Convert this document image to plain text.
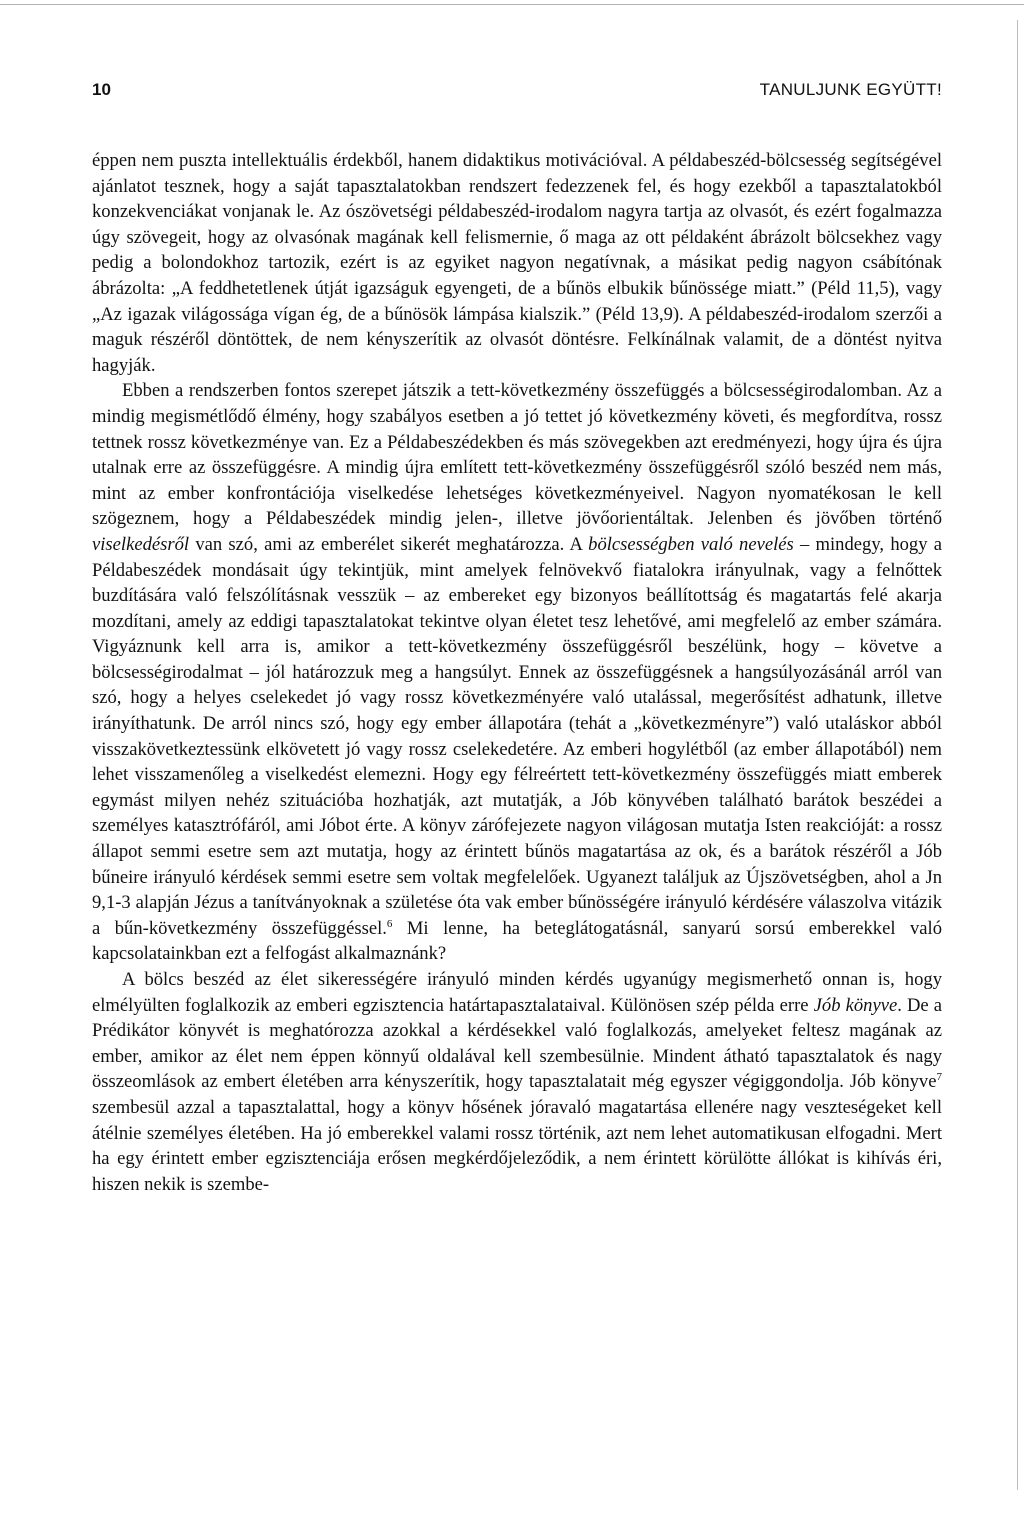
10	TANULJUNK EGYÜTT!

éppen nem puszta intellektuális érdekből, hanem didaktikus motivációval. A példabeszéd-bölcsesség segítségével ajánlatot tesznek, hogy a saját tapasztalatokban rendszert fedezzenek fel, és hogy ezekből a tapasztalatokból konzekvenciákat vonjanak le. Az ószövetségi példabeszéd-irodalom nagyra tartja az olvasót, és ezért fogalmazza úgy szövegeit, hogy az olvasónak magának kell felismernie, ő maga az ott példaként ábrázolt bölcsekhez vagy pedig a bolondokhoz tartozik, ezért is az egyiket nagyon negatívnak, a másikat pedig nagyon csábítónak ábrázolta: „A feddhetetlenek útját igazságuk egyengeti, de a bűnös elbukik bűnössége miatt.” (Péld 11,5), vagy „Az igazak világossága vígan ég, de a bűnösök lámpása kialszik.” (Péld 13,9). A példabeszéd-irodalom szerzői a maguk részéről döntöttek, de nem kényszerítik az olvasót döntésre. Felkínálnak valamit, de a döntést nyitva hagyják.

Ebben a rendszerben fontos szerepet játszik a tett-következmény összefüggés a bölcsességirodalomban. Az a mindig megismétlődő élmény, hogy szabályos esetben a jó tettet jó következmény követi, és megfordítva, rossz tettnek rossz következménye van. Ez a Példabeszédekben és más szövegekben azt eredményezi, hogy újra és újra utalnak erre az összefüggésre. A mindig újra említett tett-következmény összefüggésről szóló beszéd nem más, mint az ember konfrontációja viselkedése lehetséges következményeivel. Nagyon nyomatékosan le kell szögeznem, hogy a Példabeszédek mindig jelen-, illetve jövőorientáltak. Jelenben és jövőben történő viselkedésről van szó, ami az emberélet sikerét meghatározza. A bölcsességben való nevelés – mindegy, hogy a Példabeszédek mondásait úgy tekintjük, mint amelyek felnövekvő fiatalokra irányulnak, vagy a felnőttek buzdítására való felszólításnak vesszük – az embereket egy bizonyos beállítottság és magatartás felé akarja mozdítani, amely az eddigi tapasztalatokat tekintve olyan életet tesz lehetővé, ami megfelelő az ember számára. Vigyáznunk kell arra is, amikor a tett-következmény összefüggésről beszélünk, hogy – követve a bölcsességirodalmat – jól határozzuk meg a hangsúlyt. Ennek az összefüggésnek a hangsúlyozásánál arról van szó, hogy a helyes cselekedet jó vagy rossz következményére való utalással, megerősítést adhatunk, illetve irányíthatunk. De arról nincs szó, hogy egy ember állapotára (tehát a „következményre”) való utaláskor abból visszakövetkeztessünk elkövetett jó vagy rossz cselekedetére. Az emberi hogylétből (az ember állapotából) nem lehet visszamenőleg a viselkedést elemezni. Hogy egy félreértett tett-következmény összefüggés miatt emberek egymást milyen nehéz szituációba hozhatják, azt mutatják, a Jób könyvében található barátok beszédei a személyes katasztrófáról, ami Jóbot érte. A könyv zárófejezete nagyon világosan mutatja Isten reakcióját: a rossz állapot semmi esetre sem azt mutatja, hogy az érintett bűnös magatartása az ok, és a barátok részéről a Jób bűneire irányuló kérdések semmi esetre sem voltak megfelelőek. Ugyanezt találjuk az Újszövetségben, ahol a Jn 9,1-3 alapján Jézus a tanítványoknak a születése óta vak ember bűnösségére irányuló kérdésére válaszolva vitázik a bűn-következmény összefüggéssel.$^6$ Mi lenne, ha beteglátogatásnál, sanyarú sorsú emberekkel való kapcsolatainkban ezt a felfogást alkalmaznánk?

A bölcs beszéd az élet sikerességére irányuló minden kérdés ugyanúgy megismerhető onnan is, hogy elmélyülten foglalkozik az emberi egzisztencia határtapasztalataival. Különösen szép példa erre Jób könyve. De a Prédikátor könyvét is meghatórozza azokkal a kérdésekkel való foglalkozás, amelyeket feltesz magának az ember, amikor az élet nem éppen könnyű oldalával kell szembesülnie. Mindent átható tapasztalatok és nagy összeomlások az embert életében arra kényszerítik, hogy tapasztalatait még egyszer végiggondolja. Jób könyve$^7$ szembesül azzal a tapasztalattal, hogy a könyv hősének jóravaló magatartása ellenére nagy veszteségeket kell átélnie személyes életében. Ha jó emberekkel valami rossz történik, azt nem lehet automatikusan elfogadni. Mert ha egy érintett ember egzisztenciája erősen megkérdőjeleződik, a nem érintett körülötte állókat is kihívás éri, hiszen nekik is szembe-
